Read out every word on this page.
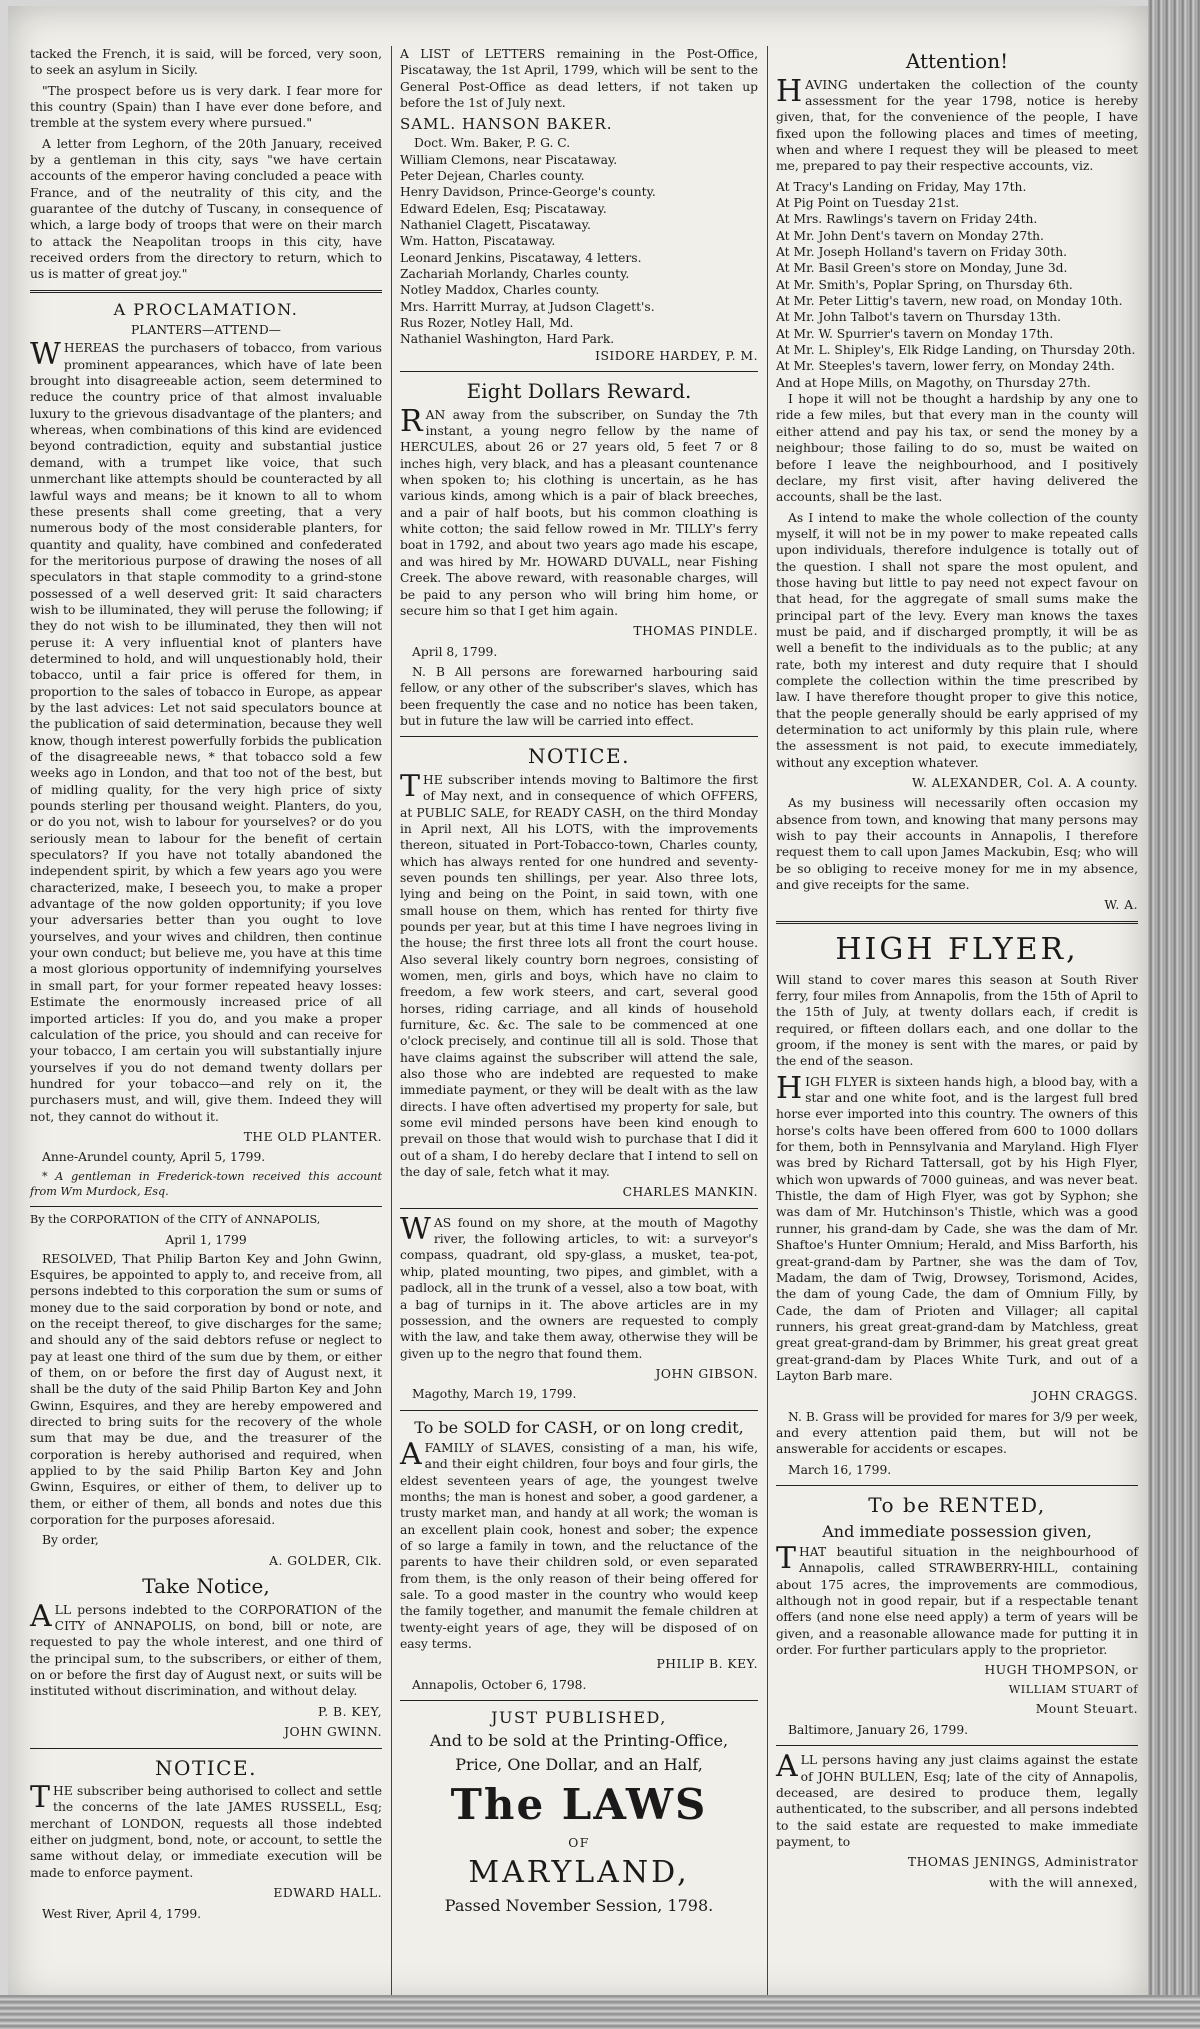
tacked the French, it is said, will be forced, very soon, to seek an asylum in Sicily.

"The prospect before us is very dark. I fear more for this country (Spain) than I have ever done before, and tremble at the system every where pursued."

A letter from Leghorn, of the 20th January, received by a gentleman in this city, says "we have certain accounts of the emperor having concluded a peace with France, and of the neutrality of this city, and the guarantee of the dutchy of Tuscany, in consequence of which, a large body of troops that were on their march to attack the Neapolitan troops in this city, have received orders from the directory to return, which to us is matter of great joy."

A PROCLAMATION.

PLANTERS—ATTEND—

WHEREAS the purchasers of tobacco, from various prominent appearances, which have of late been brought into disagreeable action, seem determined to reduce the country price of that almost invaluable luxury to the grievous disadvantage of the planters; and whereas, when combinations of this kind are evidenced beyond contradiction, equity and substantial justice demand, with a trumpet like voice, that such unmerchant like attempts should be counteracted by all lawful ways and means; be it known to all to whom these presents shall come greeting, that a very numerous body of the most considerable planters, for quantity and quality, have combined and confederated for the meritorious purpose of drawing the noses of all speculators in that staple commodity to a grind-stone possessed of a well deserved grit: It said characters wish to be illuminated, they will peruse the following; if they do not wish to be illuminated, they then will not peruse it: A very influential knot of planters have determined to hold, and will unquestionably hold, their tobacco, until a fair price is offered for them, in proportion to the sales of tobacco in Europe, as appear by the last advices: Let not said speculators bounce at the publication of said determination, because they well know, though interest powerfully forbids the publication of the disagreeable news, * that tobacco sold a few weeks ago in London, and that too not of the best, but of midling quality, for the very high price of sixty pounds sterling per thousand weight. Planters, do you, or do you not, wish to labour for yourselves? or do you seriously mean to labour for the benefit of certain speculators? If you have not totally abandoned the independent spirit, by which a few years ago you were characterized, make, I beseech you, to make a proper advantage of the now golden opportunity; if you love your adversaries better than you ought to love yourselves, and your wives and children, then continue your own conduct; but believe me, you have at this time a most glorious opportunity of indemnifying yourselves in small part, for your former repeated heavy losses: Estimate the enormously increased price of all imported articles: If you do, and you make a proper calculation of the price, you should and can receive for your tobacco, I am certain you will substantially injure yourselves if you do not demand twenty dollars per hundred for your tobacco—and rely on it, the purchasers must, and will, give them. Indeed they will not, they cannot do without it.

THE OLD PLANTER.

Anne-Arundel county, April 5, 1799.

* A gentleman in Frederick-town received this account from Wm Murdock, Esq.

By the CORPORATION of the CITY of ANNAPOLIS,

April 1, 1799

RESOLVED, That Philip Barton Key and John Gwinn, Esquires, be appointed to apply to, and receive from, all persons indebted to this corporation the sum or sums of money due to the said corporation by bond or note, and on the receipt thereof, to give discharges for the same; and should any of the said debtors refuse or neglect to pay at least one third of the sum due by them, or either of them, on or before the first day of August next, it shall be the duty of the said Philip Barton Key and John Gwinn, Esquires, and they are hereby empowered and directed to bring suits for the recovery of the whole sum that may be due, and the treasurer of the corporation is hereby authorised and required, when applied to by the said Philip Barton Key and John Gwinn, Esquires, or either of them, to deliver up to them, or either of them, all bonds and notes due this corporation for the purposes aforesaid.

By order,

A. GOLDER, Clk.

Take Notice,

ALL persons indebted to the CORPORATION of the CITY of ANNAPOLIS, on bond, bill or note, are requested to pay the whole interest, and one third of the principal sum, to the subscribers, or either of them, on or before the first day of August next, or suits will be instituted without discrimination, and without delay.

P. B. KEY,

JOHN GWINN.

NOTICE.

THE subscriber being authorised to collect and settle the concerns of the late JAMES RUSSELL, Esq; merchant of LONDON, requests all those indebted either on judgment, bond, note, or account, to settle the same without delay, or immediate execution will be made to enforce payment.

EDWARD HALL.

West River, April 4, 1799.

A LIST of LETTERS remaining in the Post-Office, Piscataway, the 1st April, 1799, which will be sent to the General Post-Office as dead letters, if not taken up before the 1st of July next.

SAML. HANSON BAKER.
Doct. Wm. Baker, P. G. C.
William Clemons, near Piscataway.
Peter Dejean, Charles county.
Henry Davidson, Prince-George's county.
Edward Edelen, Esq; Piscataway.
Nathaniel Clagett, Piscataway.
Wm. Hatton, Piscataway.
Leonard Jenkins, Piscataway, 4 letters.
Zachariah Morlandy, Charles county.
Notley Maddox, Charles county.
Mrs. Harritt Murray, at Judson Clagett's.
Rus Rozer, Notley Hall, Md.
Nathaniel Washington, Hard Park.

ISIDORE HARDEY, P. M.

Eight Dollars Reward.

RAN away from the subscriber, on Sunday the 7th instant, a young negro fellow by the name of HERCULES, about 26 or 27 years old, 5 feet 7 or 8 inches high, very black, and has a pleasant countenance when spoken to; his clothing is uncertain, as he has various kinds, among which is a pair of black breeches, and a pair of half boots, but his common cloathing is white cotton; the said fellow rowed in Mr. TILLY's ferry boat in 1792, and about two years ago made his escape, and was hired by Mr. HOWARD DUVALL, near Fishing Creek. The above reward, with reasonable charges, will be paid to any person who will bring him home, or secure him so that I get him again.

THOMAS PINDLE.

April 8, 1799.

N. B All persons are forewarned harbouring said fellow, or any other of the subscriber's slaves, which has been frequently the case and no notice has been taken, but in future the law will be carried into effect.

NOTICE.

THE subscriber intends moving to Baltimore the first of May next, and in consequence of which OFFERS, at PUBLIC SALE, for READY CASH, on the third Monday in April next, All his LOTS, with the improvements thereon, situated in Port-Tobacco-town, Charles county, which has always rented for one hundred and seventy-seven pounds ten shillings, per year. Also three lots, lying and being on the Point, in said town, with one small house on them, which has rented for thirty five pounds per year, but at this time I have negroes living in the house; the first three lots all front the court house. Also several likely country born negroes, consisting of women, men, girls and boys, which have no claim to freedom, a few work steers, and cart, several good horses, riding carriage, and all kinds of household furniture, &c. &c. The sale to be commenced at one o'clock precisely, and continue till all is sold. Those that have claims against the subscriber will attend the sale, also those who are indebted are requested to make immediate payment, or they will be dealt with as the law directs. I have often advertised my property for sale, but some evil minded persons have been kind enough to prevail on those that would wish to purchase that I did it out of a sham, I do hereby declare that I intend to sell on the day of sale, fetch what it may.

CHARLES MANKIN.

WAS found on my shore, at the mouth of Magothy river, the following articles, to wit: a surveyor's compass, quadrant, old spy-glass, a musket, tea-pot, whip, plated mounting, two pipes, and gimblet, with a padlock, all in the trunk of a vessel, also a tow boat, with a bag of turnips in it. The above articles are in my possession, and the owners are requested to comply with the law, and take them away, otherwise they will be given up to the negro that found them.

JOHN GIBSON.

Magothy, March 19, 1799.

To be SOLD for CASH, or on long credit,

AFAMILY of SLAVES, consisting of a man, his wife, and their eight children, four boys and four girls, the eldest seventeen years of age, the youngest twelve months; the man is honest and sober, a good gardener, a trusty market man, and handy at all work; the woman is an excellent plain cook, honest and sober; the expence of so large a family in town, and the reluctance of the parents to have their children sold, or even separated from them, is the only reason of their being offered for sale. To a good master in the country who would keep the family together, and manumit the female children at twenty-eight years of age, they will be disposed of on easy terms.

PHILIP B. KEY.

Annapolis, October 6, 1798.

JUST PUBLISHED,

And to be sold at the Printing-Office,

Price, One Dollar, and an Half,

The LAWS

OF

MARYLAND,

Passed November Session, 1798.

Attention!

HAVING undertaken the collection of the county assessment for the year 1798, notice is hereby given, that, for the convenience of the people, I have fixed upon the following places and times of meeting, when and where I request they will be pleased to meet me, prepared to pay their respective accounts, viz.

At Tracy's Landing on Friday, May 17th.
At Pig Point on Tuesday 21st.
At Mrs. Rawlings's tavern on Friday 24th.
At Mr. John Dent's tavern on Monday 27th.
At Mr. Joseph Holland's tavern on Friday 30th.
At Mr. Basil Green's store on Monday, June 3d.
At Mr. Smith's, Poplar Spring, on Thursday 6th.
At Mr. Peter Littig's tavern, new road, on Monday 10th.
At Mr. John Talbot's tavern on Thursday 13th.
At Mr. W. Spurrier's tavern on Monday 17th.
At Mr. L. Shipley's, Elk Ridge Landing, on Thursday 20th.
At Mr. Steeples's tavern, lower ferry, on Monday 24th.
And at Hope Mills, on Magothy, on Thursday 27th.

I hope it will not be thought a hardship by any one to ride a few miles, but that every man in the county will either attend and pay his tax, or send the money by a neighbour; those failing to do so, must be waited on before I leave the neighbourhood, and I positively declare, my first visit, after having delivered the accounts, shall be the last.

As I intend to make the whole collection of the county myself, it will not be in my power to make repeated calls upon individuals, therefore indulgence is totally out of the question. I shall not spare the most opulent, and those having but little to pay need not expect favour on that head, for the aggregate of small sums make the principal part of the levy. Every man knows the taxes must be paid, and if discharged promptly, it will be as well a benefit to the individuals as to the public; at any rate, both my interest and duty require that I should complete the collection within the time prescribed by law. I have therefore thought proper to give this notice, that the people generally should be early apprised of my determination to act uniformly by this plain rule, where the assessment is not paid, to execute immediately, without any exception whatever.

W. ALEXANDER, Col. A. A county.

As my business will necessarily often occasion my absence from town, and knowing that many persons may wish to pay their accounts in Annapolis, I therefore request them to call upon James Mackubin, Esq; who will be so obliging to receive money for me in my absence, and give receipts for the same.

W. A.

HIGH FLYER,

Will stand to cover mares this season at South River ferry, four miles from Annapolis, from the 15th of April to the 15th of July, at twenty dollars each, if credit is required, or fifteen dollars each, and one dollar to the groom, if the money is sent with the mares, or paid by the end of the season.

HIGH FLYER is sixteen hands high, a blood bay, with a star and one white foot, and is the largest full bred horse ever imported into this country. The owners of this horse's colts have been offered from 600 to 1000 dollars for them, both in Pennsylvania and Maryland. High Flyer was bred by Richard Tattersall, got by his High Flyer, which won upwards of 7000 guineas, and was never beat. Thistle, the dam of High Flyer, was got by Syphon; she was dam of Mr. Hutchinson's Thistle, which was a good runner, his grand-dam by Cade, she was the dam of Mr. Shaftoe's Hunter Omnium; Herald, and Miss Barforth, his great-grand-dam by Partner, she was the dam of Tov, Madam, the dam of Twig, Drowsey, Torismond, Acides, the dam of young Cade, the dam of Omnium Filly, by Cade, the dam of Prioten and Villager; all capital runners, his great great-grand-dam by Matchless, great great great-grand-dam by Brimmer, his great great great great-grand-dam by Places White Turk, and out of a Layton Barb mare.

JOHN CRAGGS.

N. B. Grass will be provided for mares for 3/9 per week, and every attention paid them, but will not be answerable for accidents or escapes.

March 16, 1799.

To be RENTED,

And immediate possession given,

THAT beautiful situation in the neighbourhood of Annapolis, called STRAWBERRY-HILL, containing about 175 acres, the improvements are commodious, although not in good repair, but if a respectable tenant offers (and none else need apply) a term of years will be given, and a reasonable allowance made for putting it in order. For further particulars apply to the proprietor.

HUGH THOMPSON, or

WILLIAM STUART of

Mount Steuart.

Baltimore, January 26, 1799.

ALL persons having any just claims against the estate of JOHN BULLEN, Esq; late of the city of Annapolis, deceased, are desired to produce them, legally authenticated, to the subscriber, and all persons indebted to the said estate are requested to make immediate payment, to

THOMAS JENINGS, Administrator

with the will annexed,
